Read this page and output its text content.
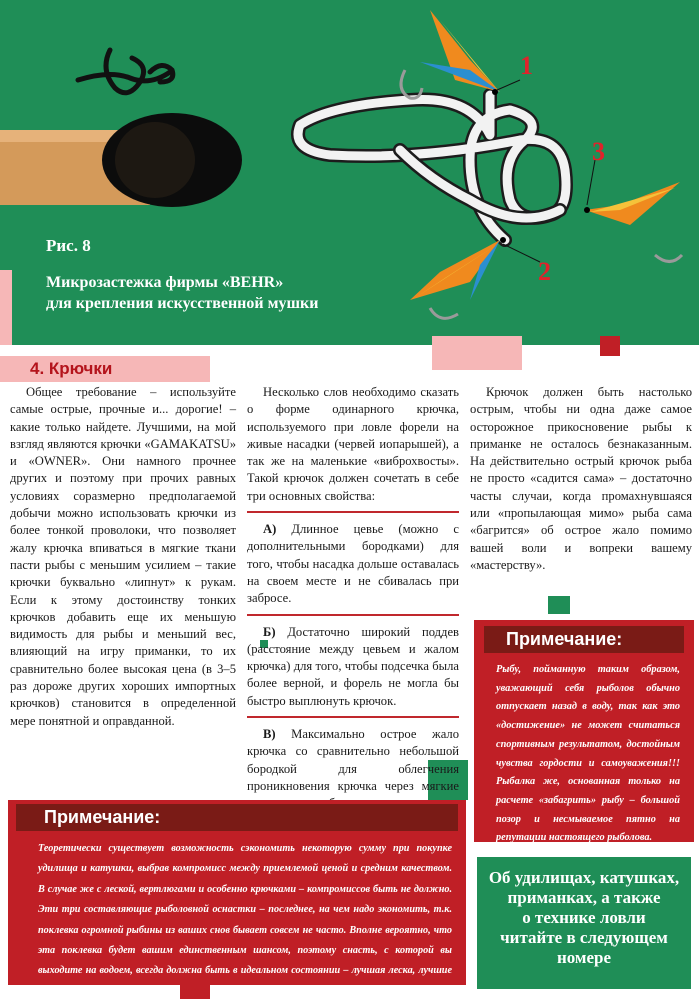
1
3
2
Рис. 8
Микрозастежка фирмы «BEHR»
для крепления искусственной мушки
4. Крючки

Общее требование – используйте самые острые, прочные и... дорогие! – какие только найдете. Лучшими, на мой взгляд являются крючки «GAMAKATSU» и «OWNER». Они намного прочнее других и поэтому при прочих равных условиях соразмерно предполагаемой добычи можно использовать крючки из более тонкой проволоки, что позволяет жалу крючка впиваться в мягкие ткани пасти рыбы с меньшим усилием – такие крючки буквально «липнут» к рукам. Если к этому достоинству тонких крючков добавить еще их меньшую видимость для рыбы и меньший вес, влияющий на игру приманки, то их сравнительно более высокая цена (в 3–5 раз дороже других хороших импортных крючков) становится в определенной мере понятной и оправданной.

Несколько слов необходимо сказать о форме одинарного крючка, используемого при ловле форели на живые насадки (червей иопарышей), а так же на маленькие «виброхвосты». Такой крючок должен сочетать в себе три основных свойства:

А) Длинное цевье (можно с дополнительными бородками) для того, чтобы насадка дольше оставалась на своем месте и не сбивалась при забросе.

Б) Достаточно широкий поддев (расстояние между цевьем и жалом крючка) для того, чтобы подсечка была более верной, и форель не могла бы быстро выплюнуть крючок.

В) Максимально острое жало крючка со сравнительно небольшой бородкой для облегчения проникновения крючка через мягкие

Крючок должен быть настолько острым, чтобы ни одна даже самое осторожное прикосновение рыбы к приманке не осталось безнаказанным. На действительно острый крючок рыба не просто «садится сама» – достаточно часты случаи, когда промахнувшаяся или «пропылающая мимо» рыба сама «багрится» об острое жало помимо вашей воли и вопреки вашему «мастерству».

Примечание:
Рыбу, пойманную таким образом, уважающий себя рыболов обычно отпускает назад в воду, так как это «достижение» не может считаться спортивным результатом, достойным чувства гордости и самоуважения!!! Рыбалка же, основанная только на расчете «забагрить» рыбу – большой позор и несмываемое пятно на репутации настоящего рыболова.
Примечание:
Теоретически существует возможность сэкономить некоторую сумму при покупке удилища и катушки, выбрав компромисс между приемлемой ценой и средним качеством. В случае же с леской, вертлюгами и особенно крючками – компромиссов быть не должно. Эти три составляющие рыболовной оснастки – последнее, на чем надо экономить, т.к. поклевка огромной рыбины из ваших снов бывает совсем не часто. Вполне вероятно, что эта поклевка будет вашим единственным шансом, поэтому снасть, с которой вы выходите на водоем, всегда должна быть в идеальном состоянии – лучшая леска, лучшие крючки, лучшие вертлюги!!!
Об удилищах, катушках,
приманках, а также
о технике ловли
читайте в следующем
номере
